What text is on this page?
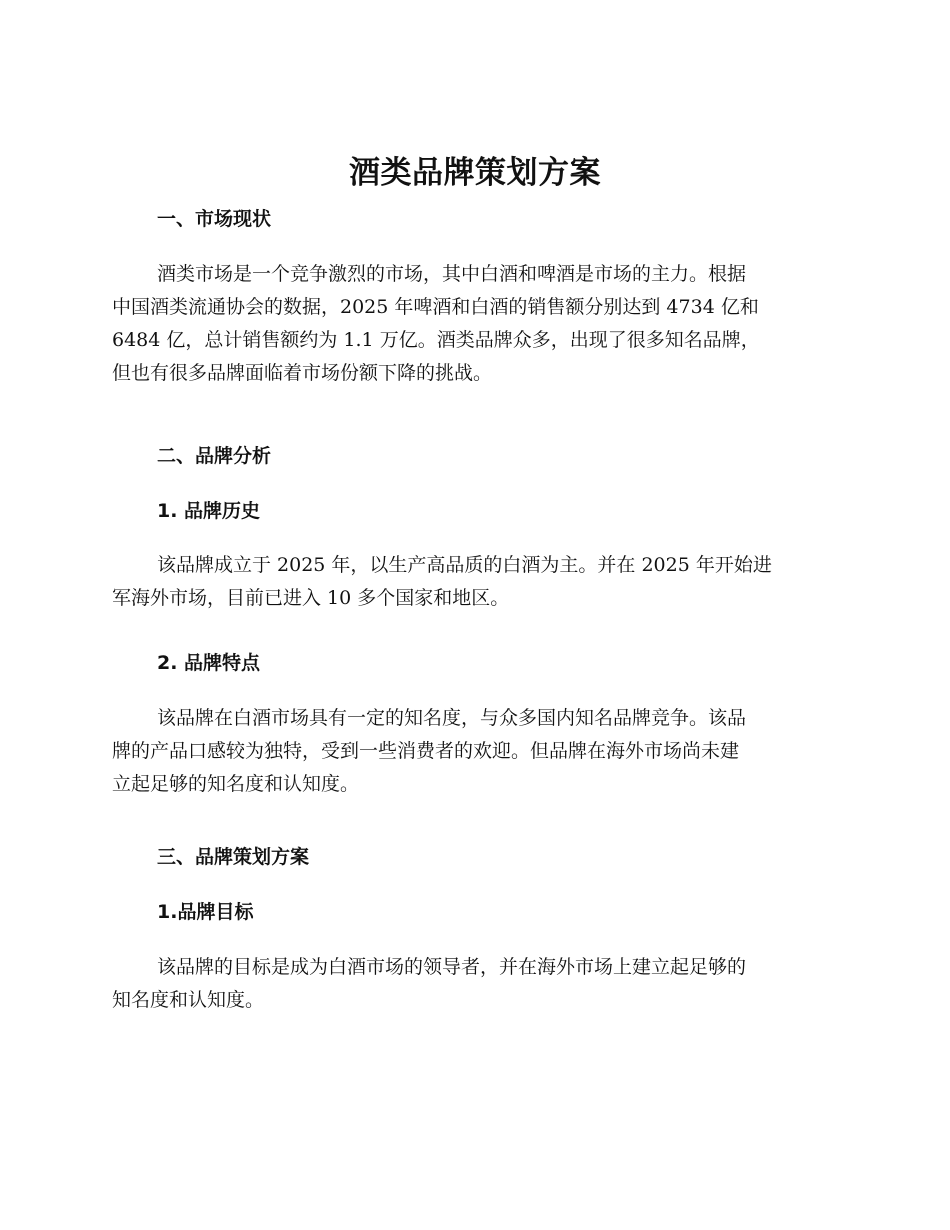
酒类品牌策划方案
一、市场现状

酒类市场是一个竞争激烈的市场，其中白酒和啤酒是市场的主力。根据
中国酒类流通协会的数据，2025 年啤酒和白酒的销售额分别达到 4734 亿和
6484 亿，总计销售额约为 1.1 万亿。酒类品牌众多，出现了很多知名品牌，
但也有很多品牌面临着市场份额下降的挑战。

二、品牌分析
1. 品牌历史

该品牌成立于 2025 年，以生产高品质的白酒为主。并在 2025 年开始进
军海外市场，目前已进入 10 多个国家和地区。

2. 品牌特点

该品牌在白酒市场具有一定的知名度，与众多国内知名品牌竞争。该品
牌的产品口感较为独特，受到一些消费者的欢迎。但品牌在海外市场尚未建
立起足够的知名度和认知度。

三、品牌策划方案
1.品牌目标

该品牌的目标是成为白酒市场的领导者，并在海外市场上建立起足够的
知名度和认知度。
